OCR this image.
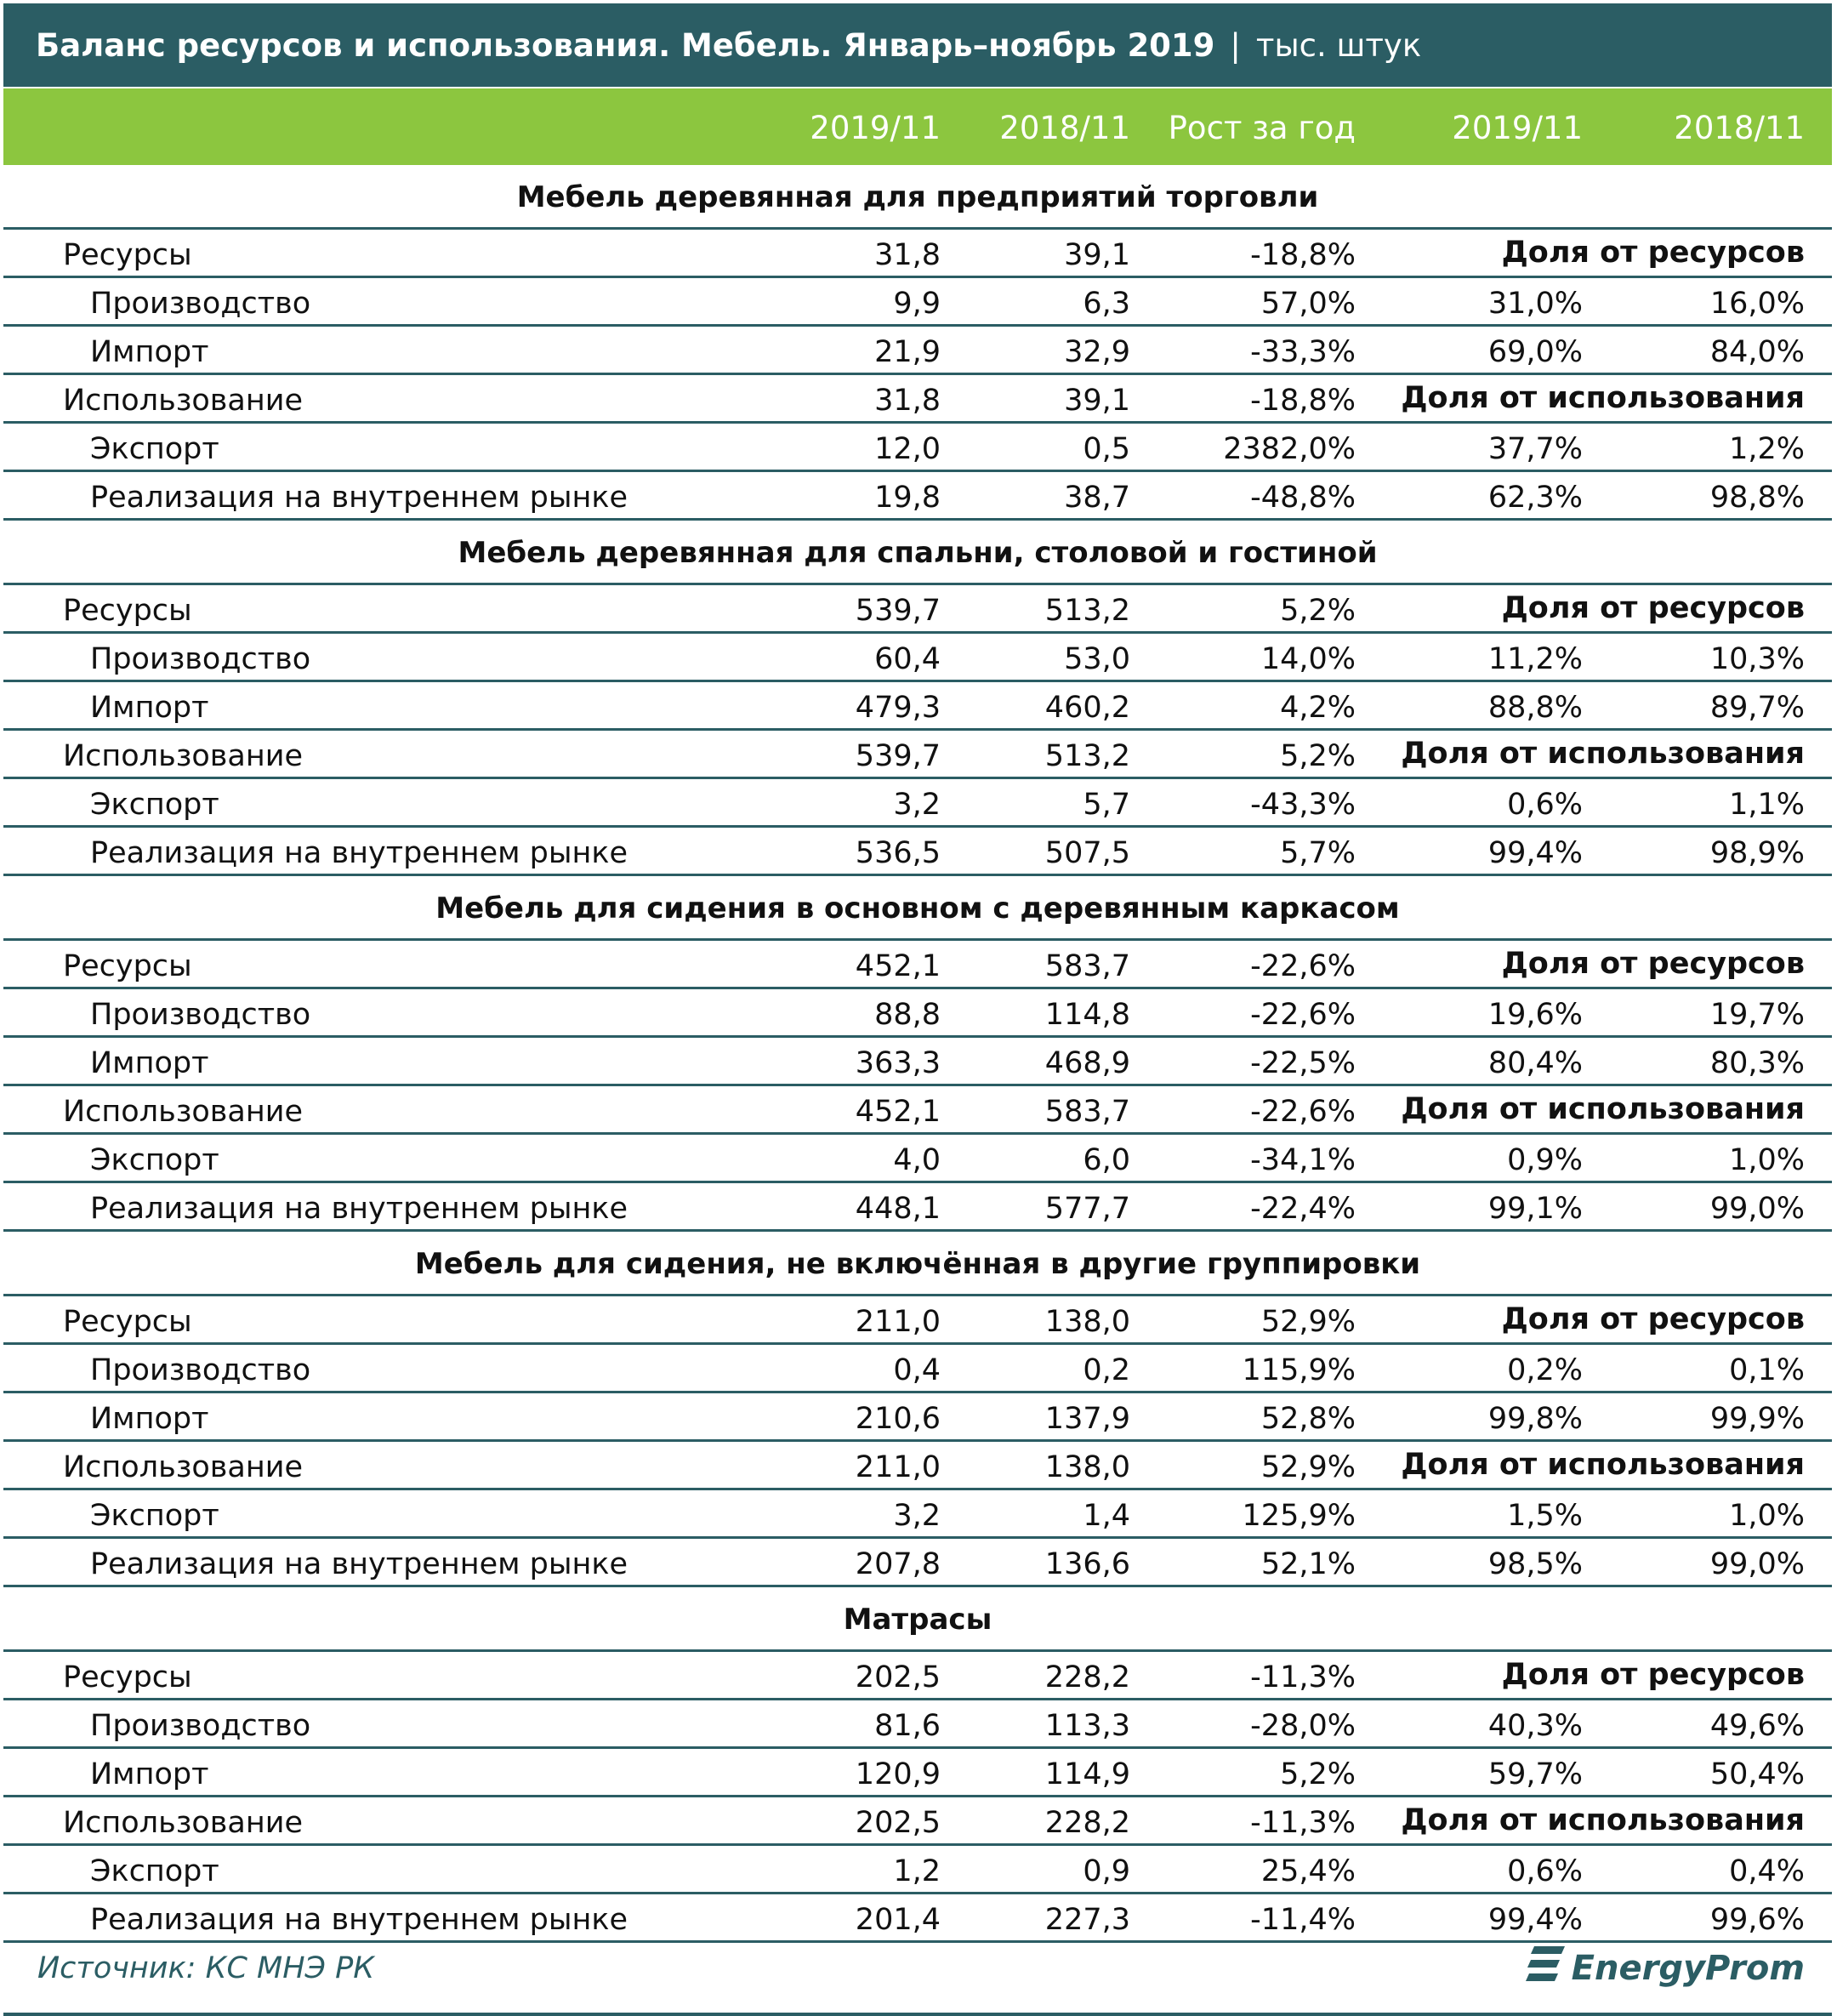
Баланс ресурсов и использования. Мебель. Январь–ноябрь 2019 | тыс. штук
2019/11 2018/11 Рост за год	2019/11	2018/11
Мебель деревянная для предприятий торговли
Ресурсы	31,8	39,1	-18,8%	Доля от ресурсов
Производство	9,9	6,3	57,0%	31,0%	16,0%
Импорт	21,9	32,9	-33,3%	69,0%	84,0%
Использование	31,8	39,1	-18,8% Доля от использования
Экспорт	12,0	0,5	2382,0%	37,7%	1,2%
Реализация на внутреннем рынке	19,8	38,7	-48,8%	62,3%	98,8%
Мебель деревянная для спальни, столовой и гостиной
Ресурсы	539,7	513,2	5,2%	Доля от ресурсов
Производство	60,4	53,0	14,0%	11,2%	10,3%
Импорт	479,3	460,2	4,2%	88,8%	89,7%
Использование	539,7	513,2	5,2% Доля от использования
Экспорт	3,2	5,7	-43,3%	0,6%	1,1%
Реализация на внутреннем рынке	536,5	507,5	5,7%	99,4%	98,9%
Мебель для сидения в основном с деревянным каркасом
Ресурсы	452,1	583,7	-22,6%	Доля от ресурсов
Производство	88,8	114,8	-22,6%	19,6%	19,7%
Импорт	363,3	468,9	-22,5%	80,4%	80,3%
Использование	452,1	583,7	-22,6% Доля от использования
Экспорт	4,0	6,0	-34,1%	0,9%	1,0%
Реализация на внутреннем рынке	448,1	577,7	-22,4%	99,1%	99,0%
Мебель для сидения, не включённая в другие группировки
Ресурсы	211,0	138,0	52,9%	Доля от ресурсов
Производство	0,4	0,2	115,9%	0,2%	0,1%
Импорт	210,6	137,9	52,8%	99,8%	99,9%
Использование	211,0	138,0	52,9% Доля от использования
Экспорт	3,2	1,4	125,9%	1,5%	1,0%
Реализация на внутреннем рынке	207,8	136,6	52,1%	98,5%	99,0%
Матрасы
Ресурсы	202,5	228,2	-11,3%	Доля от ресурсов
Производство	81,6	113,3	-28,0%	40,3%	49,6%
Импорт	120,9	114,9	5,2%	59,7%	50,4%
Использование	202,5	228,2	-11,3% Доля от использования
Экспорт	1,2	0,9	25,4%	0,6%	0,4%
Реализация на внутреннем рынке	201,4	227,3	-11,4%	99,4%	99,6%
Источник: КС МНЭ РК	EnergyProm
